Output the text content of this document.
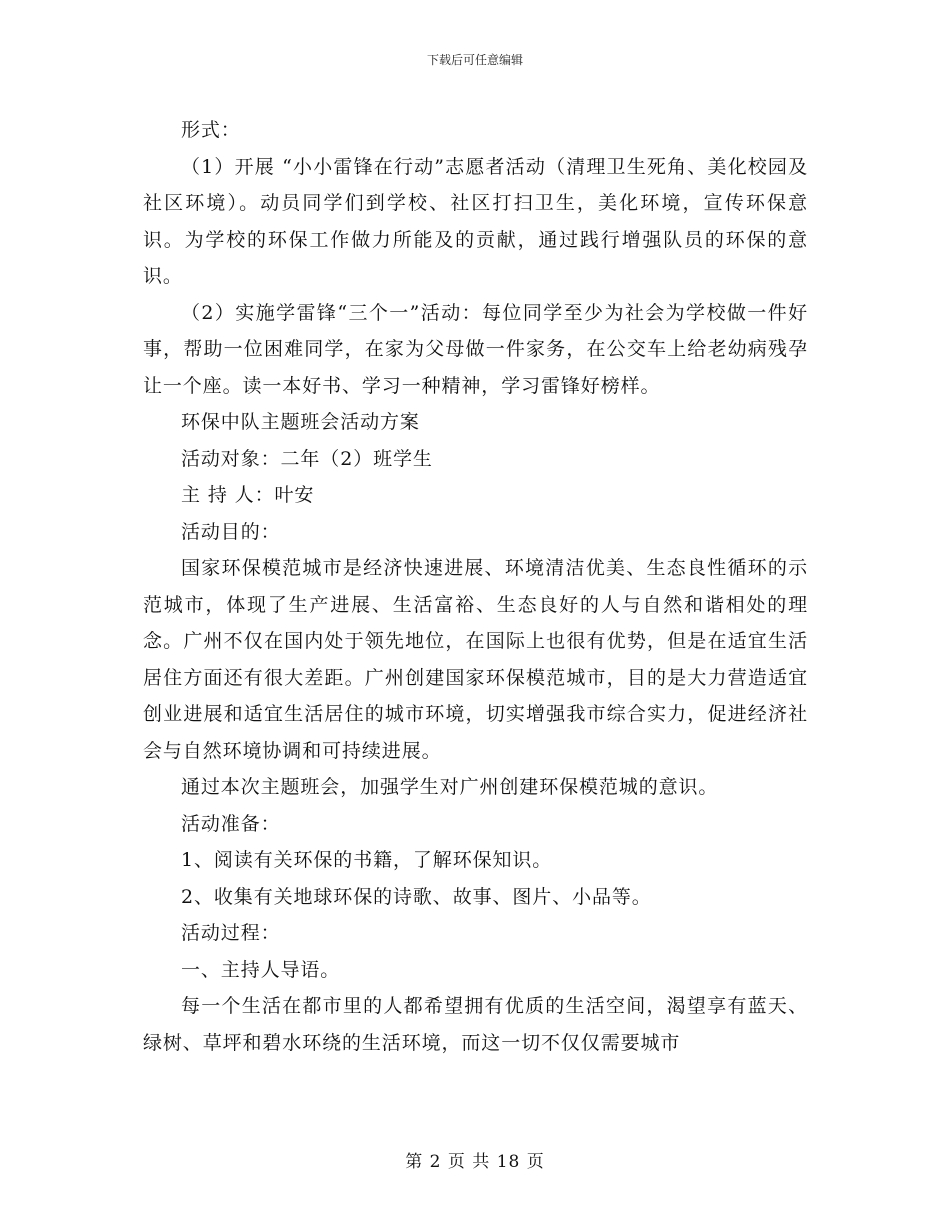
下载后可任意编辑

形式：

（1）开展 “小小雷锋在行动”志愿者活动（清理卫生死角、美化校园及社区环境）。动员同学们到学校、社区打扫卫生，美化环境，宣传环保意识。为学校的环保工作做力所能及的贡献，通过践行增强队员的环保的意识。

（2）实施学雷锋“三个一”活动：每位同学至少为社会为学校做一件好事，帮助一位困难同学，在家为父母做一件家务，在公交车上给老幼病残孕让一个座。读一本好书、学习一种精神，学习雷锋好榜样。

环保中队主题班会活动方案

活动对象：二年（2）班学生

主 持 人：叶安

活动目的：

国家环保模范城市是经济快速进展、环境清洁优美、生态良性循环的示范城市，体现了生产进展、生活富裕、生态良好的人与自然和谐相处的理念。广州不仅在国内处于领先地位，在国际上也很有优势，但是在适宜生活居住方面还有很大差距。广州创建国家环保模范城市，目的是大力营造适宜创业进展和适宜生活居住的城市环境，切实增强我市综合实力，促进经济社会与自然环境协调和可持续进展。

通过本次主题班会，加强学生对广州创建环保模范城的意识。

活动准备：

1、阅读有关环保的书籍，了解环保知识。

2、收集有关地球环保的诗歌、故事、图片、小品等。

活动过程：

一、主持人导语。

每一个生活在都市里的人都希望拥有优质的生活空间，渴望享有蓝天、绿树、草坪和碧水环绕的生活环境，而这一切不仅仅需要城市

第 2 页 共 18 页
